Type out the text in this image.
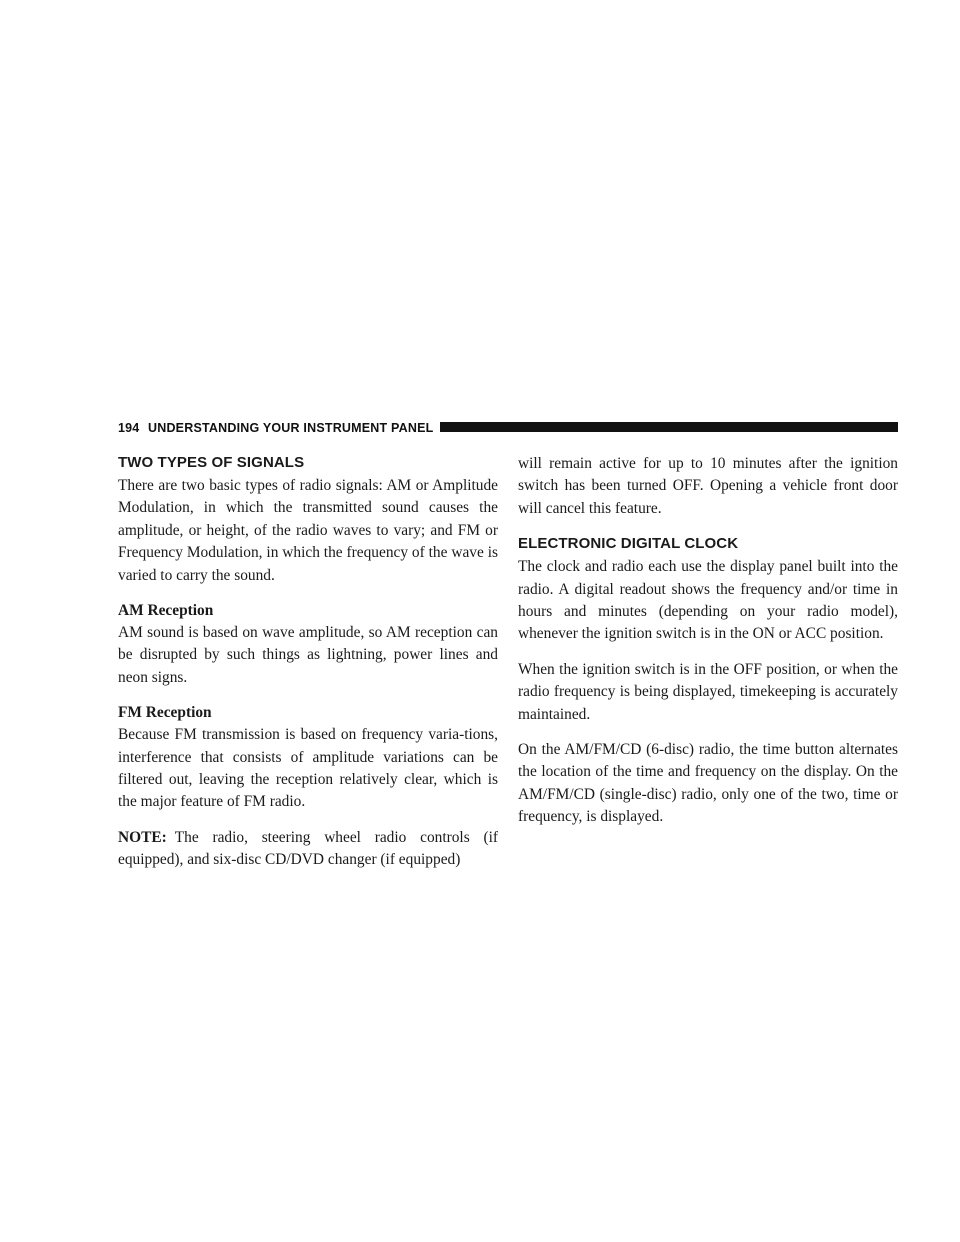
194 UNDERSTANDING YOUR INSTRUMENT PANEL
TWO TYPES OF SIGNALS

There are two basic types of radio signals: AM or Amplitude Modulation, in which the transmitted sound causes the amplitude, or height, of the radio waves to vary; and FM or Frequency Modulation, in which the frequency of the wave is varied to carry the sound.

AM Reception

AM sound is based on wave amplitude, so AM reception can be disrupted by such things as lightning, power lines and neon signs.

FM Reception

Because FM transmission is based on frequency varia-tions, interference that consists of amplitude variations can be filtered out, leaving the reception relatively clear, which is the major feature of FM radio.

NOTE: The radio, steering wheel radio controls (if equipped), and six-disc CD/DVD changer (if equipped)

will remain active for up to 10 minutes after the ignition switch has been turned OFF. Opening a vehicle front door will cancel this feature.

ELECTRONIC DIGITAL CLOCK

The clock and radio each use the display panel built into the radio. A digital readout shows the frequency and/or time in hours and minutes (depending on your radio model), whenever the ignition switch is in the ON or ACC position.

When the ignition switch is in the OFF position, or when the radio frequency is being displayed, timekeeping is accurately maintained.

On the AM/FM/CD (6-disc) radio, the time button alternates the location of the time and frequency on the display. On the AM/FM/CD (single-disc) radio, only one of the two, time or frequency, is displayed.
